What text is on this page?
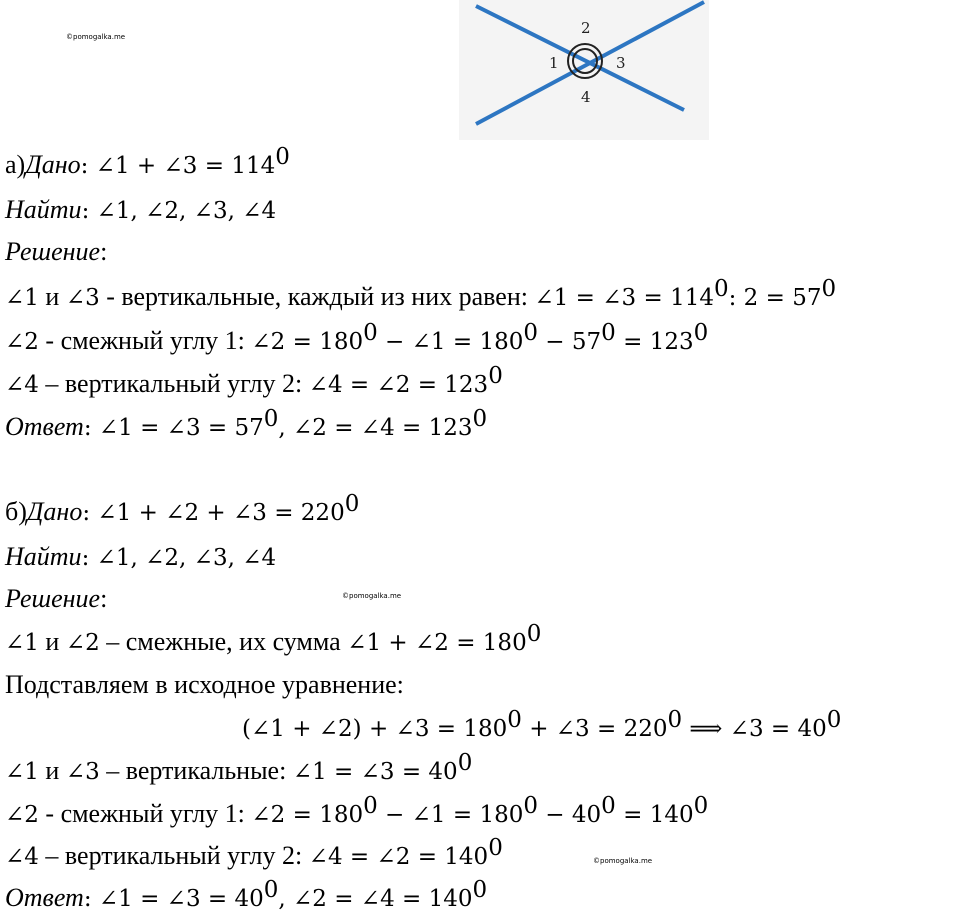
©pomogalka.me
©pomogalka.me
©pomogalka.me
1
2
3
4
а)Дано: ∠1 + ∠3 = $114^0$
Найти: ∠1, ∠2, ∠3, ∠4
Решение:
∠1 и ∠3 - вертикальные, каждый из них равен: ∠1 = ∠3 = $114^0$: $2 = 57^0$
∠2 - смежный углу 1: ∠2 = $180^0$ − ∠1 = $180^0 - 57^0 = 123^0$
∠4 – вертикальный углу 2: ∠4 = ∠2 = $123^0$
Ответ: ∠1 = ∠3 = $57^0$, ∠2 = ∠4 = $123^0$
б)Дано: ∠1 + ∠2 + ∠3 = $220^0$
Найти: ∠1, ∠2, ∠3, ∠4
Решение:
∠1 и ∠2 – смежные, их сумма ∠1 + ∠2 = $180^0$
Подставляем в исходное уравнение:
(∠1 + ∠2) + ∠3 = $180^0$ + ∠3 = $220^0$ ⟹ ∠3 = $40^0$
∠1 и ∠3 – вертикальные: ∠1 = ∠3 = $40^0$
∠2 - смежный углу 1: ∠2 = $180^0$ − ∠1 = $180^0 - 40^0 = 140^0$
∠4 – вертикальный углу 2: ∠4 = ∠2 = $140^0$
Ответ: ∠1 = ∠3 = $40^0$, ∠2 = ∠4 = $140^0$
